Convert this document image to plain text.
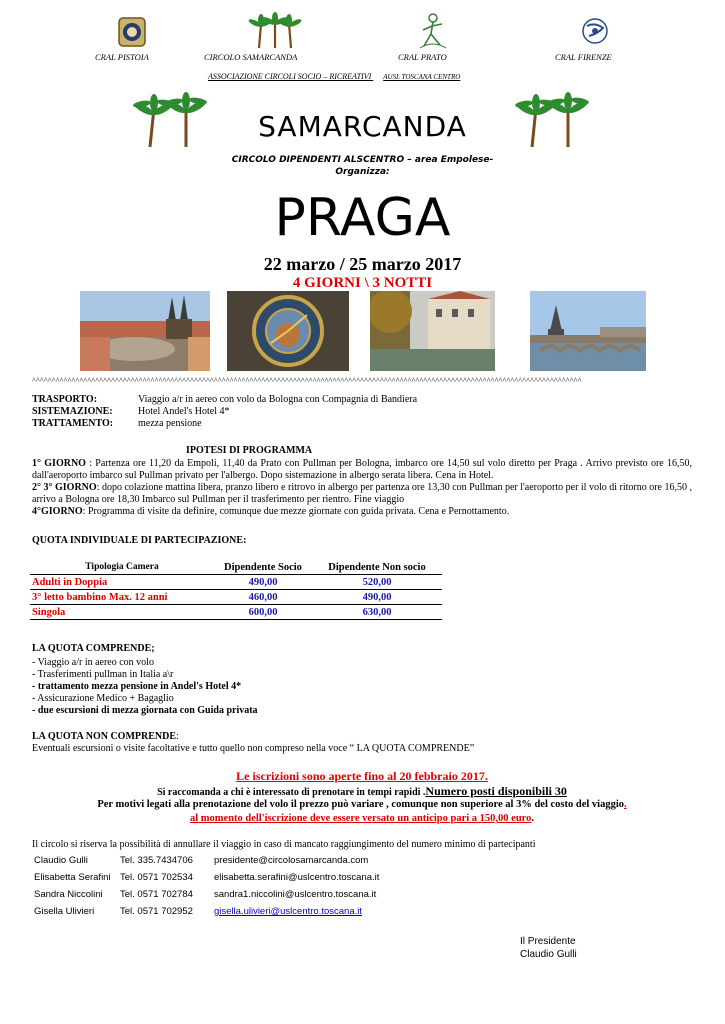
CRAL PISTOIA	CIRCOLO SAMARCANDA	CRAL PRATO	CRAL FIRENZE
ASSOCIAZIONE CIRCOLI SOCIO – RICREATIVI AUSL TOSCANA CENTRO
SAMARCANDA
CIRCOLO DIPENDENTI ALSCENTRO – area Empolese-
Organizza:
PRAGA
22 marzo / 25 marzo 2017
4 GIORNI \ 3 NOTTI
^^^^^^^^^^^^^^^^^^^^^^^^^^^^^^^^^^^^^^^^^^^^^^^^^^^^^^^^^^^^^^^^^^^^^^^^^^^^^^^^^^^^^^^^^^^^^^^^^^^^^^^^^^^^^^^^^^^^^^^^^^^^^^^^^^^^^^^^^^^
TRASPORTO:	Viaggio a/r in aereo con volo da Bologna con Compagnia di Bandiera
SISTEMAZIONE:	Hotel Andel's Hotel 4*
TRATTAMENTO: mezza pensione
IPOTESI DI PROGRAMMA
1° GIORNO : Partenza ore 11,20 da Empoli, 11,40 da Prato con Pullman per Bologna, imbarco ore 14,50 sul volo diretto per Praga . Arrivo previsto ore 16,50, dall'aeroporto imbarco sul Pullman privato per l'albergo. Dopo sistemazione in albergo serata libera. Cena in Hotel.
2° 3° GIORNO: dopo colazione mattina libera, pranzo libero e ritrovo in albergo per partenza ore 13,30 con Pullman per l'aeroporto per il volo di ritorno ore 16,50 , arrivo a Bologna ore 18,30 Imbarco sul Pullman per il trasferimento per rientro. Fine viaggio
4°GIORNO: Programma di visite da definire, comunque due mezze giornate con guida privata. Cena e Pernottamento.
QUOTA INDIVIDUALE DI PARTECIPAZIONE:
Tipologia Camera	Dipendente Socio	Dipendente Non socio
Adulti in Doppia	490,00	520,00
3° letto bambino Max. 12 anni	460,00	490,00
Singola	600,00	630,00
LA QUOTA COMPRENDE;
- Viaggio a/r in aereo con volo
- Trasferimenti pullman in Italia a\r
- trattamento mezza pensione in Andel's Hotel 4*
- Assicurazione Medico + Bagaglio
- due escursioni di mezza giornata con Guida privata
LA QUOTA NON COMPRENDE:
Eventuali escursioni o visite facoltative e tutto quello non compreso nella voce “ LA QUOTA COMPRENDE”
Le iscrizioni sono aperte fino al 20 febbraio 2017.
Si raccomanda a chi è interessato di prenotare in tempi rapidi .Numero posti disponibili 30
Per motivi legati alla prenotazione del volo il prezzo può variare , comunque non superiore al 3% del costo del viaggio.
al momento dell'iscrizione deve essere versato un anticipo pari a 150,00 euro.
Il circolo si riserva la possibilità di annullare il viaggio in caso di mancato raggiungimento del numero minimo di partecipanti
Claudio Gulli	Tel. 335.7434706 presidente@circolosamarcanda.com
Elisabetta Serafini Tel. 0571 702534 elisabetta.serafini@uslcentro.toscana.it
Sandra Niccolini Tel. 0571 702784 sandra1.niccolini@uslcentro.toscana.it
Gisella Ulivieri	Tel. 0571 702952 gisella.ulivieri@uslcentro.toscana.it
Il Presidente
Claudio Gulli
